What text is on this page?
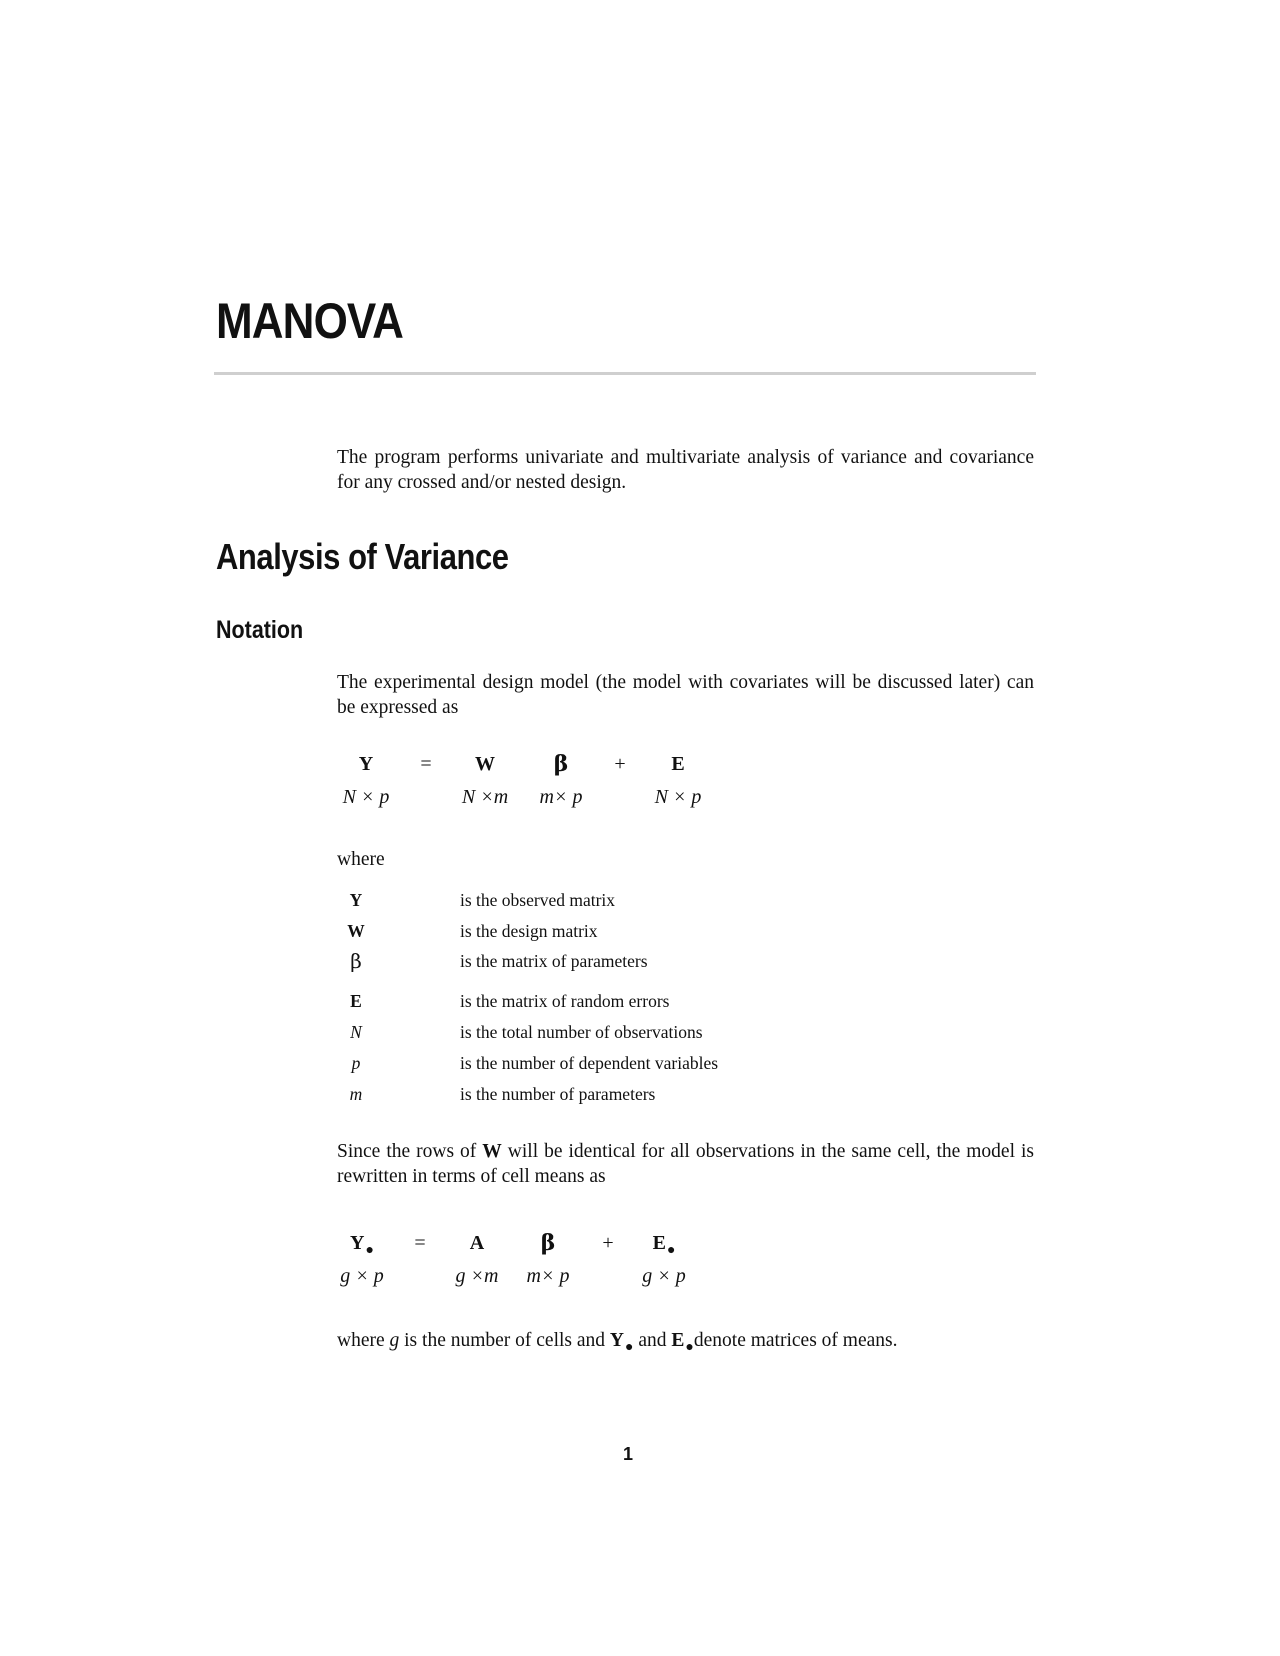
MANOVA

The program performs univariate and multivariate analysis of variance and covariance for any crossed and/or nested design.

Analysis of Variance
Notation

The experimental design model (the model with covariates will be discussed later) can be expressed as

Y	=	W	β	+	E
N × p	N ×m	m× p	N × p
where
Y	is the observed matrix
W	is the design matrix
β	is the matrix of parameters
E	is the matrix of random errors
N	is the total number of observations
p	is the number of dependent variables
m	is the number of parameters

Since the rows of W will be identical for all observations in the same cell, the model is rewritten in terms of cell means as

$Y_●$	=	A	β	+	$E_●$
g × p	g ×m	m× p	g × p

where g is the number of cells and $Y_●$ and $E_●denote$ matrices of means.

1
